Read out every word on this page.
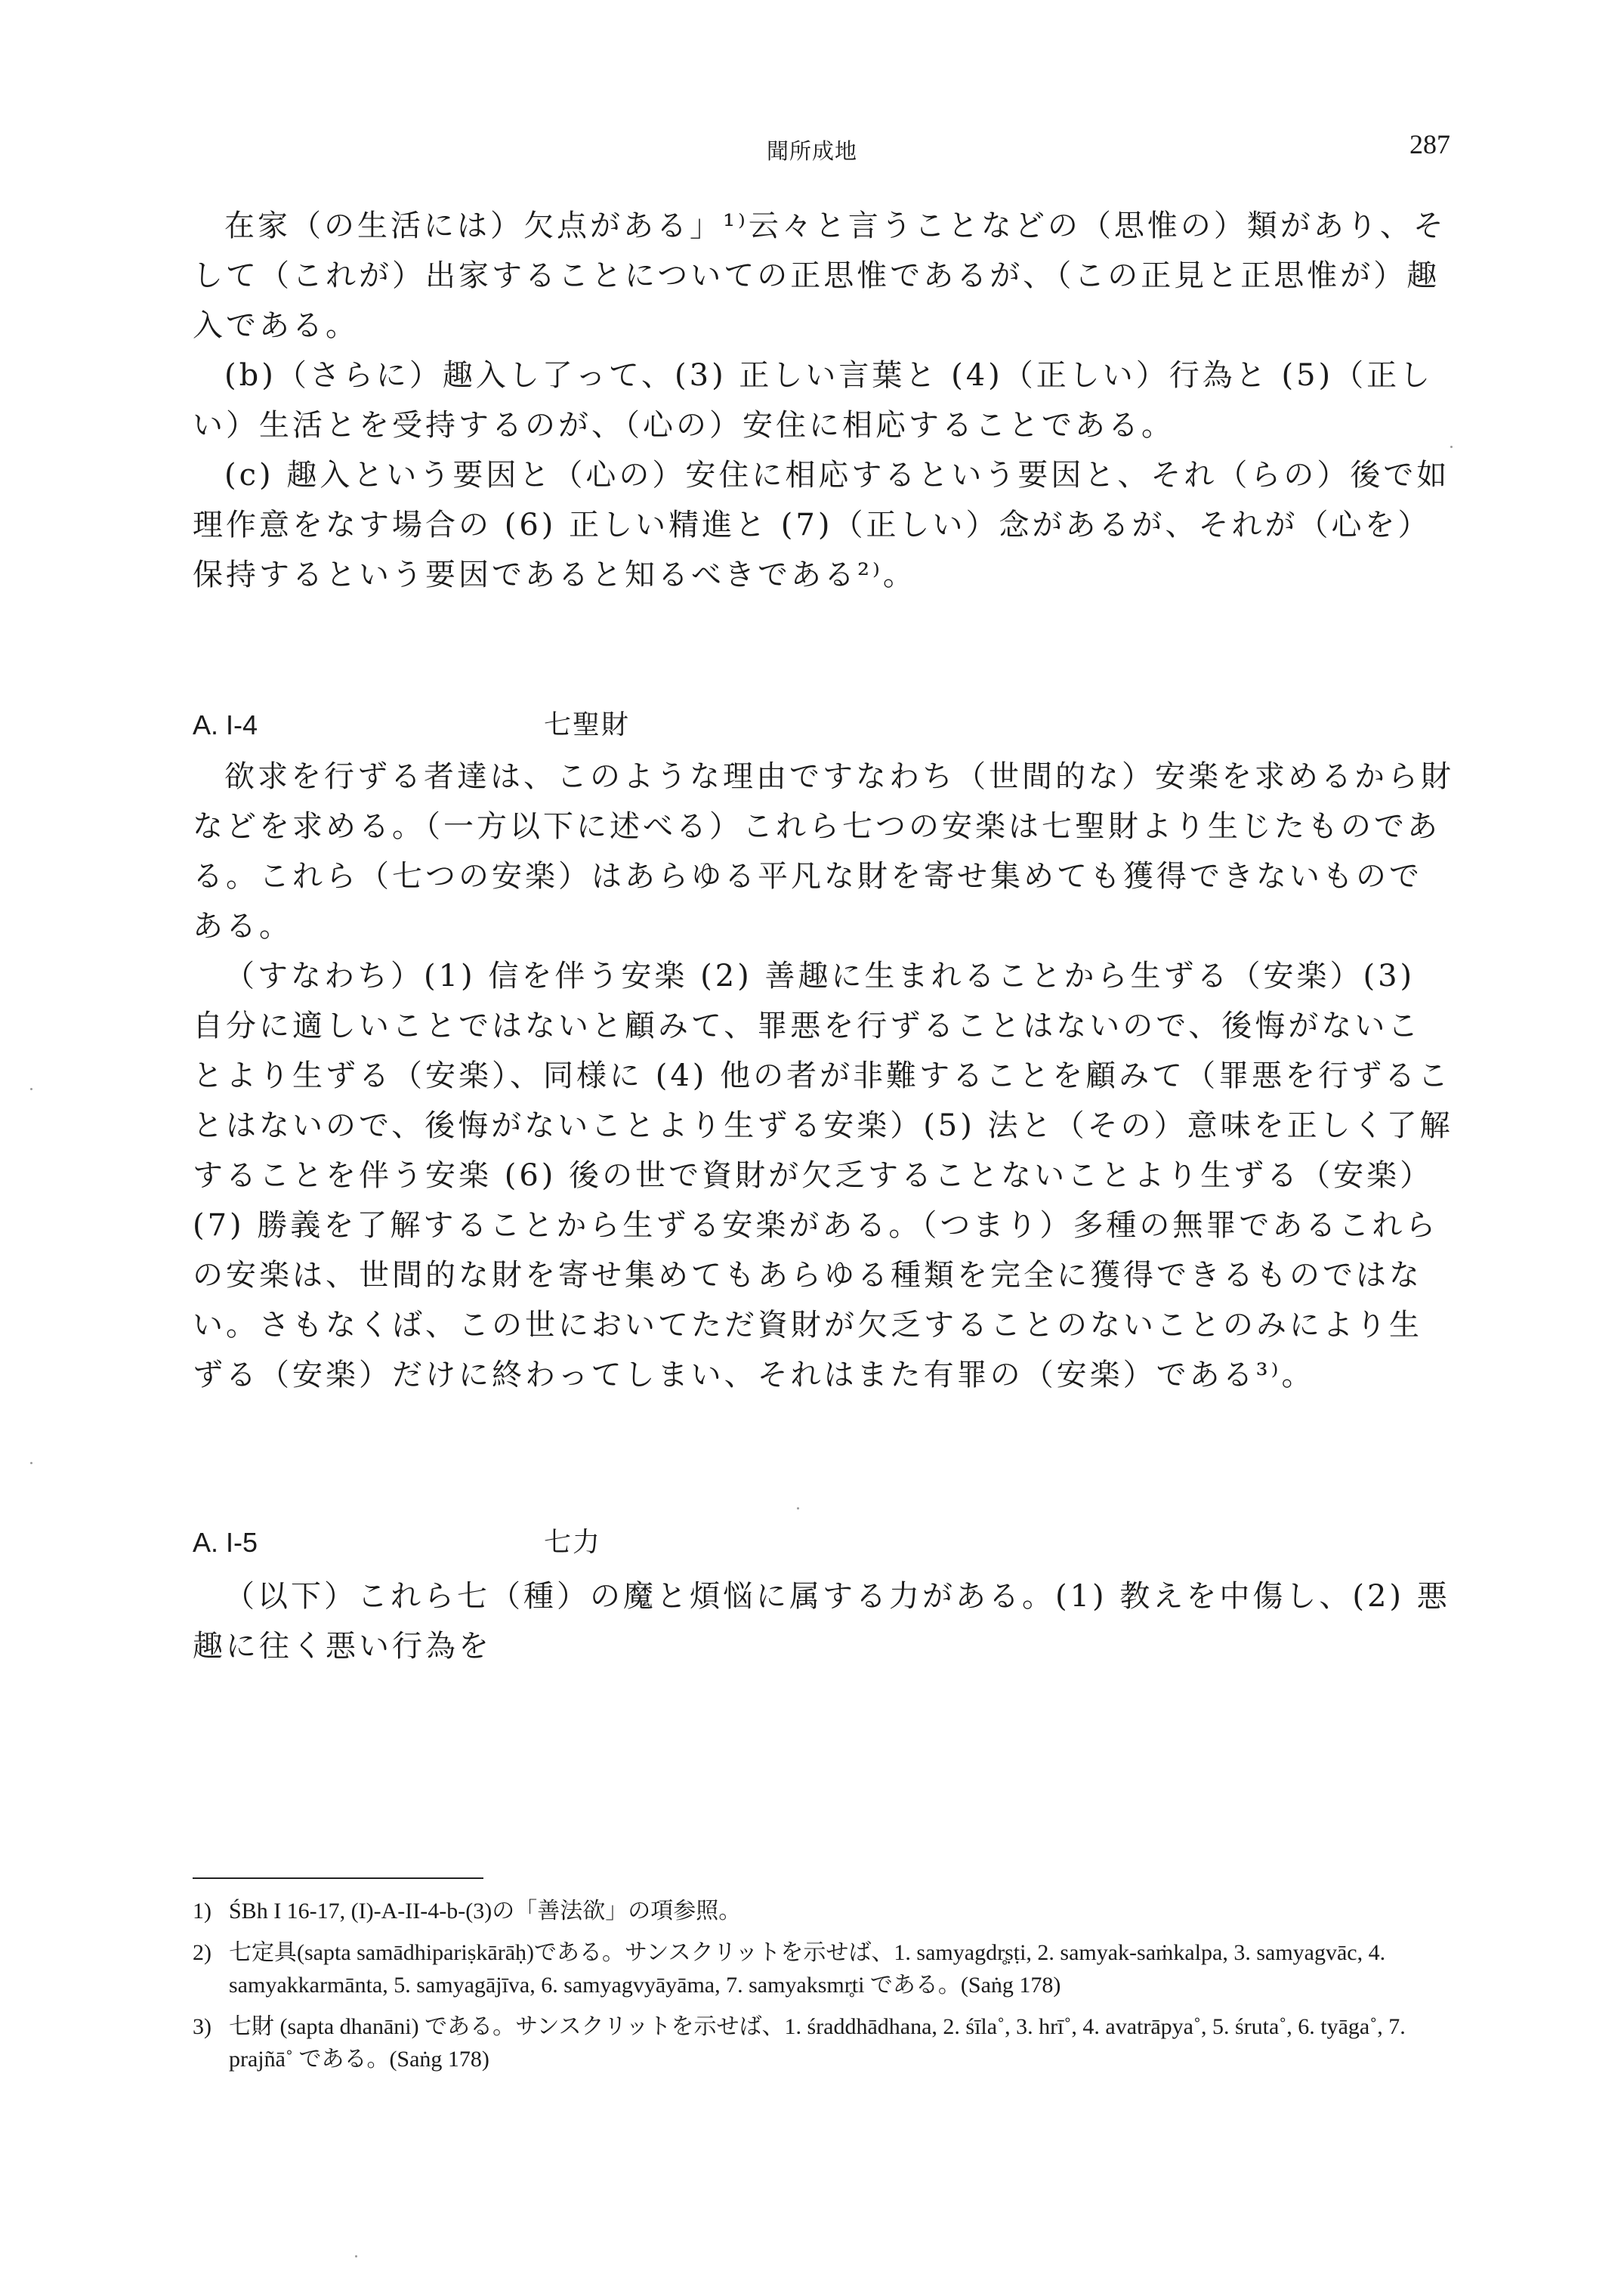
聞所成地	287

在家（の生活には）欠点がある」¹⁾云々と言うことなどの（思惟の）類があり、そして（これが）出家することについての正思惟であるが、（この正見と正思惟が）趣入である。

(b)（さらに）趣入し了って、(3) 正しい言葉と (4)（正しい）行為と (5)（正しい）生活とを受持するのが、（心の）安住に相応することである。

(c) 趣入という要因と（心の）安住に相応するという要因と、それ（らの）後で如理作意をなす場合の (6) 正しい精進と (7)（正しい）念があるが、それが（心を）保持するという要因であると知るべきである²⁾。

A. I-4	七聖財

欲求を行ずる者達は、このような理由ですなわち（世間的な）安楽を求めるから財などを求める。（一方以下に述べる）これら七つの安楽は七聖財より生じたものである。これら（七つの安楽）はあらゆる平凡な財を寄せ集めても獲得できないものである。

（すなわち）(1) 信を伴う安楽 (2) 善趣に生まれることから生ずる（安楽）(3) 自分に適しいことではないと顧みて、罪悪を行ずることはないので、後悔がないことより生ずる（安楽）、同様に (4) 他の者が非難することを顧みて（罪悪を行ずることはないので、後悔がないことより生ずる安楽）(5) 法と（その）意味を正しく了解することを伴う安楽 (6) 後の世で資財が欠乏することないことより生ずる（安楽）(7) 勝義を了解することから生ずる安楽がある。（つまり）多種の無罪であるこれらの安楽は、世間的な財を寄せ集めてもあらゆる種類を完全に獲得できるものではない。さもなくば、この世においてただ資財が欠乏することのないことのみにより生ずる（安楽）だけに終わってしまい、それはまた有罪の（安楽）である³⁾。

A. I-5	七力

（以下）これら七（種）の魔と煩悩に属する力がある。(1) 教えを中傷し、(2) 悪趣に往く悪い行為を

1) ŚBh I 16-17, (I)-A-II-4-b-(3)の「善法欲」の項参照。
2) 七定具(sapta samādhipariṣkārāḥ)である。サンスクリットを示せば、1. samyagdr̥ṣṭi, 2. samyak-saṁkalpa, 3. samyagvāc, 4. samyakkarmānta, 5. samyagājīva, 6. samyagvyāyāma, 7. samyaksmr̥ti である。(Saṅg 178)
3) 七財 (sapta dhanāni) である。サンスクリットを示せば、1. śraddhādhana, 2. śīla˚, 3. hrī˚, 4. avatrāpya˚, 5. śruta˚, 6. tyāga˚, 7. prajñā˚ である。(Saṅg 178)
